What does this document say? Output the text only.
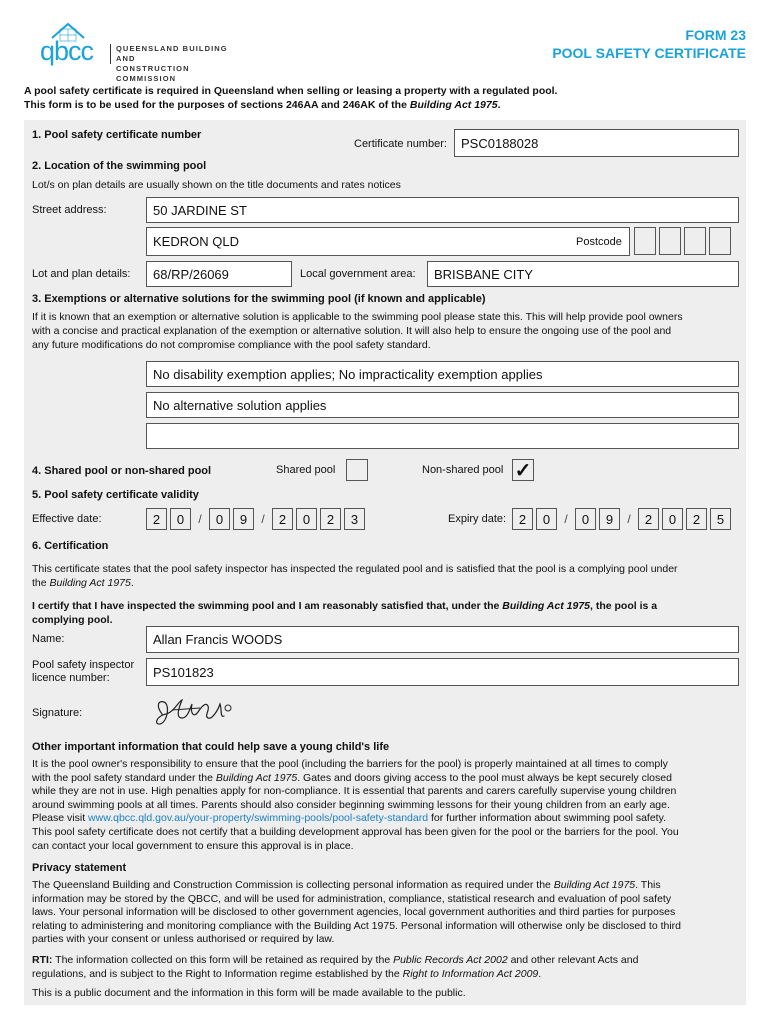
qbcc	QUEENSLAND BUILDING AND
CONSTRUCTION COMMISSION
FORM 23
POOL SAFETY CERTIFICATE
A pool safety certificate is required in Queensland when selling or leasing a property with a regulated pool.
This form is to be used for the purposes of sections 246AA and 246AK of the Building Act 1975.
1. Pool safety certificate number
Certificate number:	PSC0188028
2. Location of the swimming pool
Lot/s on plan details are usually shown on the title documents and rates notices
Street address:	50 JARDINE ST
KEDRON QLD	Postcode
Lot and plan details:	68/RP/26069	Local government area:	BRISBANE CITY
3. Exemptions or alternative solutions for the swimming pool (if known and applicable)
If it is known that an exemption or alternative solution is applicable to the swimming pool please state this. This will help provide pool owners
with a concise and practical explanation of the exemption or alternative solution. It will also help to ensure the ongoing use of the pool and
any future modifications do not compromise compliance with the pool safety standard.
No disability exemption applies; No impracticality exemption applies
No alternative solution applies
4. Shared pool or non-shared pool	Shared pool	Non-shared pool ✓
5. Pool safety certificate validity
Effective date:	2	0	/	0	9	/	2	0	2	3	Expiry date: 2	0	/	0	9	/	2	0	2	5
6. Certification
This certificate states that the pool safety inspector has inspected the regulated pool and is satisfied that the pool is a complying pool under
the Building Act 1975.
I certify that I have inspected the swimming pool and I am reasonably satisfied that, under the Building Act 1975, the pool is a
complying pool.
Name:	Allan Francis WOODS
Pool safety inspector
licence number:	PS101823
Signature:
Other important information that could help save a young child's life
It is the pool owner's responsibility to ensure that the pool (including the barriers for the pool) is properly maintained at all times to comply
with the pool safety standard under the Building Act 1975. Gates and doors giving access to the pool must always be kept securely closed
while they are not in use. High penalties apply for non-compliance. It is essential that parents and carers carefully supervise young children
around swimming pools at all times. Parents should also consider beginning swimming lessons for their young children from an early age.
Please visit www.qbcc.qld.gov.au/your-property/swimming-pools/pool-safety-standard for further information about swimming pool safety.
This pool safety certificate does not certify that a building development approval has been given for the pool or the barriers for the pool. You
can contact your local government to ensure this approval is in place.
Privacy statement
The Queensland Building and Construction Commission is collecting personal information as required under the Building Act 1975. This
information may be stored by the QBCC, and will be used for administration, compliance, statistical research and evaluation of pool safety
laws. Your personal information will be disclosed to other government agencies, local government authorities and third parties for purposes
relating to administering and monitoring compliance with the Building Act 1975. Personal information will otherwise only be disclosed to third
parties with your consent or unless authorised or required by law.
RTI: The information collected on this form will be retained as required by the Public Records Act 2002 and other relevant Acts and
regulations, and is subject to the Right to Information regime established by the Right to Information Act 2009.
This is a public document and the information in this form will be made available to the public.
